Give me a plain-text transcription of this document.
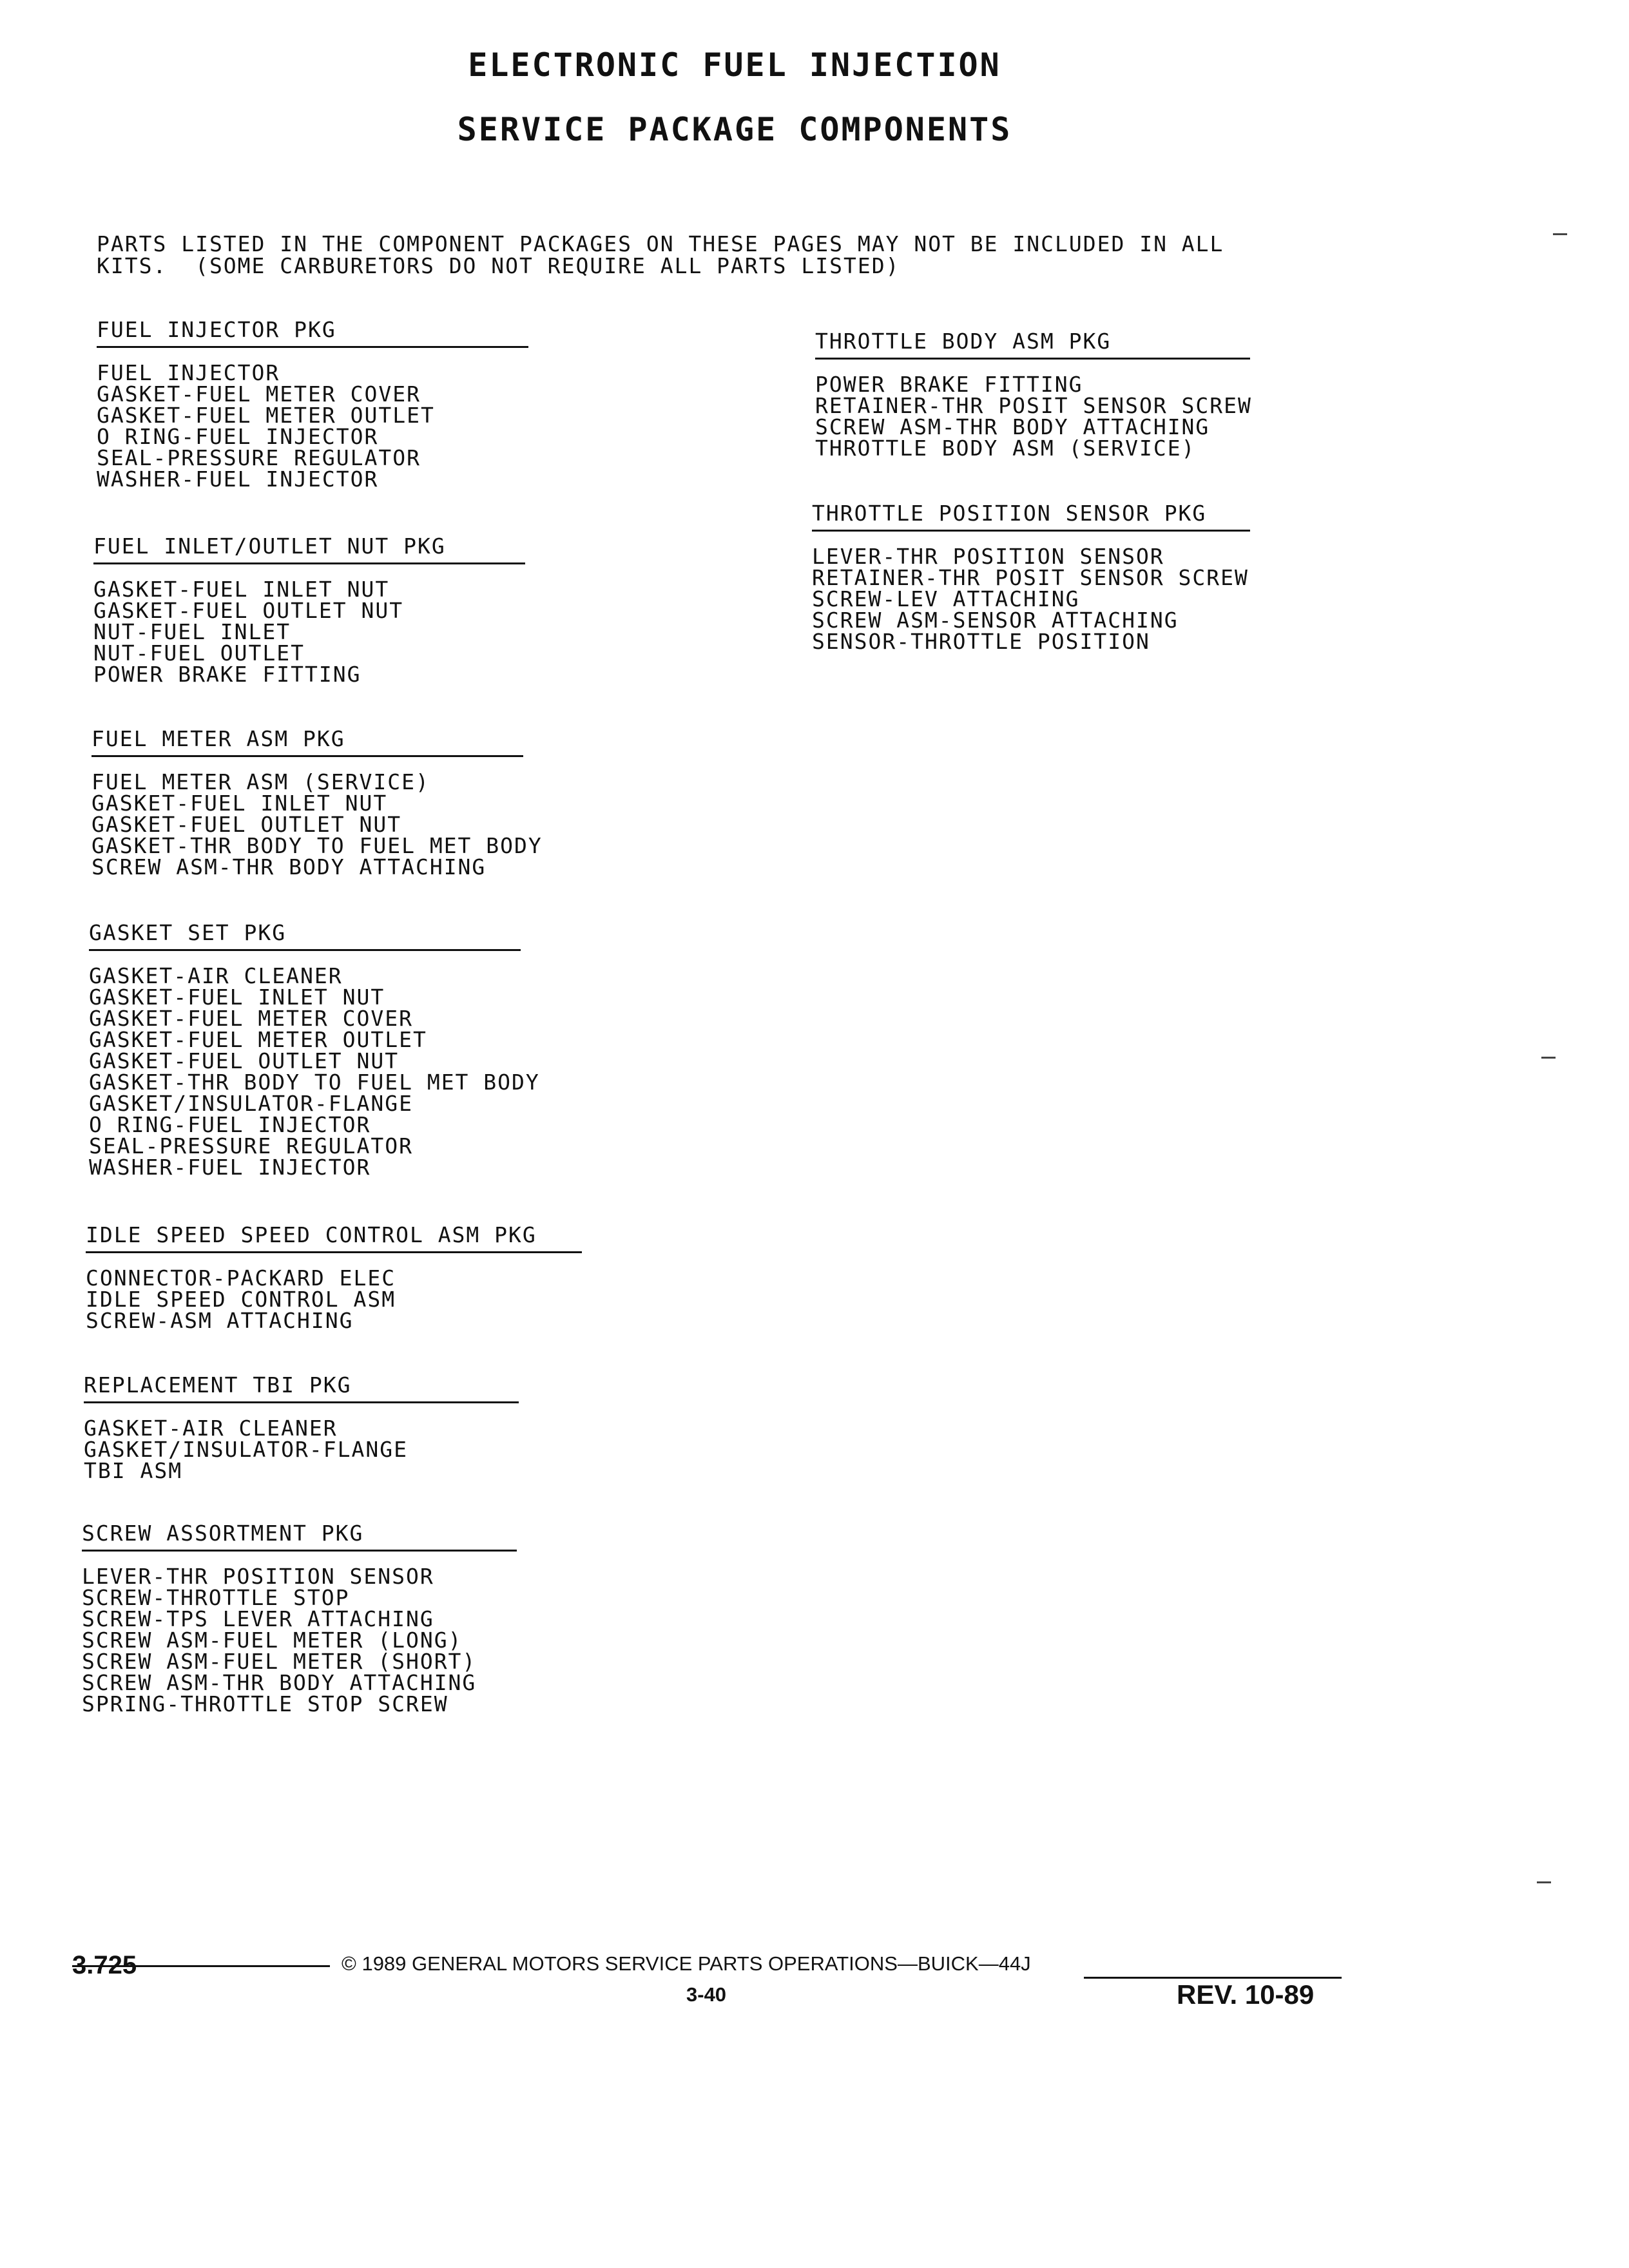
ELECTRONIC FUEL INJECTION
SERVICE PACKAGE COMPONENTS
PARTS LISTED IN THE COMPONENT PACKAGES ON THESE PAGES MAY NOT BE INCLUDED IN ALL
KITS.  (SOME CARBURETORS DO NOT REQUIRE ALL PARTS LISTED)
FUEL INJECTOR PKG
FUEL INJECTOR
GASKET-FUEL METER COVER
GASKET-FUEL METER OUTLET
O RING-FUEL INJECTOR
SEAL-PRESSURE REGULATOR
WASHER-FUEL INJECTOR
FUEL INLET/OUTLET NUT PKG
GASKET-FUEL INLET NUT
GASKET-FUEL OUTLET NUT
NUT-FUEL INLET
NUT-FUEL OUTLET
POWER BRAKE FITTING
FUEL METER ASM PKG
FUEL METER ASM (SERVICE)
GASKET-FUEL INLET NUT
GASKET-FUEL OUTLET NUT
GASKET-THR BODY TO FUEL MET BODY
SCREW ASM-THR BODY ATTACHING
GASKET SET PKG
GASKET-AIR CLEANER
GASKET-FUEL INLET NUT
GASKET-FUEL METER COVER
GASKET-FUEL METER OUTLET
GASKET-FUEL OUTLET NUT
GASKET-THR BODY TO FUEL MET BODY
GASKET/INSULATOR-FLANGE
O RING-FUEL INJECTOR
SEAL-PRESSURE REGULATOR
WASHER-FUEL INJECTOR
IDLE SPEED SPEED CONTROL ASM PKG
CONNECTOR-PACKARD ELEC
IDLE SPEED CONTROL ASM
SCREW-ASM ATTACHING
REPLACEMENT TBI PKG
GASKET-AIR CLEANER
GASKET/INSULATOR-FLANGE
TBI ASM
SCREW ASSORTMENT PKG
LEVER-THR POSITION SENSOR
SCREW-THROTTLE STOP
SCREW-TPS LEVER ATTACHING
SCREW ASM-FUEL METER (LONG)
SCREW ASM-FUEL METER (SHORT)
SCREW ASM-THR BODY ATTACHING
SPRING-THROTTLE STOP SCREW
THROTTLE BODY ASM PKG
POWER BRAKE FITTING
RETAINER-THR POSIT SENSOR SCREW
SCREW ASM-THR BODY ATTACHING
THROTTLE BODY ASM (SERVICE)
THROTTLE POSITION SENSOR PKG
LEVER-THR POSITION SENSOR
RETAINER-THR POSIT SENSOR SCREW
SCREW-LEV ATTACHING
SCREW ASM-SENSOR ATTACHING
SENSOR-THROTTLE POSITION
3.725	© 1989 GENERAL MOTORS SERVICE PARTS OPERATIONS—BUICK—44J
3-40	REV. 10-89
